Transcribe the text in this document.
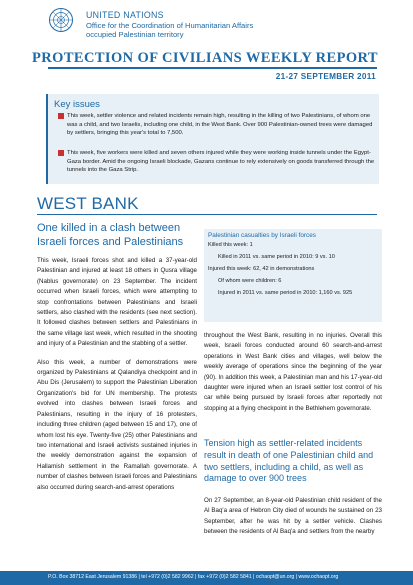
UNITED NATIONS
Office for the Coordination of Humanitarian Affairs
occupied Palestinian territory
PROTECTION OF CIVILIANS WEEKLY REPORT
21-27 SEPTEMBER 2011
Key issues
This week, settler violence and related incidents remain high, resulting in the killing of two Palestinians, of whom one was a child, and two Israelis, including one child, in the West Bank. Over 900 Palestinian-owned trees were damaged by settlers, bringing this year's total to 7,500.
This week, five workers were killed and seven others injured while they were working inside tunnels under the Egypt-Gaza border. Amid the ongoing Israeli blockade, Gazans continue to rely extensively on goods transferred through the tunnels into the Gaza Strip.
WEST BANK
One killed in a clash between Israeli forces and Palestinians

This week, Israeli forces shot and killed a 37-year-old Palestinian and injured at least 18 others in Qusra village (Nablus governorate) on 23 September. The incident occurred when Israeli forces, which were attempting to stop confrontations between Palestinians and Israeli settlers, also clashed with the residents (see next section). It followed clashes between settlers and Palestinians in the same village last week, which resulted in the shooting and injury of a Palestinian and the stabbing of a settler.

Also this week, a number of demonstrations were organized by Palestinians at Qalandiya checkpoint and in Abu Dis (Jerusalem) to support the Palestinian Liberation Organization's bid for UN membership. The protests evolved into clashes between Israeli forces and Palestinians, resulting in the injury of 16 protesters, including three children (aged between 15 and 17), one of whom lost his eye. Twenty-five (25) other Palestinians and two international and Israeli activists sustained injuries in the weekly demonstration against the expansion of Hallamish settlement in the Ramallah governorate. A number of clashes between Israeli forces and Palestinians also occurred during search-and-arrest operations

Palestinian casualties by Israeli forces
Killed this week: 1
Killed in 2011 vs. same period in 2010: 9 vs. 10
Injured this week: 62, 42 in demonstrations
Of whom were children: 6
Injured in 2011 vs. same period in 2010: 1,160 vs. 925
throughout the West Bank, resulting in no injuries. Overall this week, Israeli forces conducted around 60 search-and-arrest operations in West Bank cities and villages, well below the weekly average of operations since the beginning of the year (90). In addition this week, a Palestinian man and his 17-year-old daughter were injured when an Israeli settler lost control of his car while being pursued by Israeli forces after reportedly not stopping at a flying checkpoint in the Bethlehem governorate.
Tension high as settler-related incidents result in death of one Palestinian child and two settlers, including a child, as well as damage to over 900 trees
On 27 September, an 8-year-old Palestinian child resident of the Al Baq'a area of Hebron City died of wounds he sustained on 23 September, after he was hit by a settler vehicle. Clashes between the residents of Al Baq'a and settlers from the nearby
P.O. Box 38712 East Jerusalem 91386 | tel +972 (0)2 582 9962 | fax +972 (0)2 582 5841 | ochaopt@un.org | www.ochaopt.org
